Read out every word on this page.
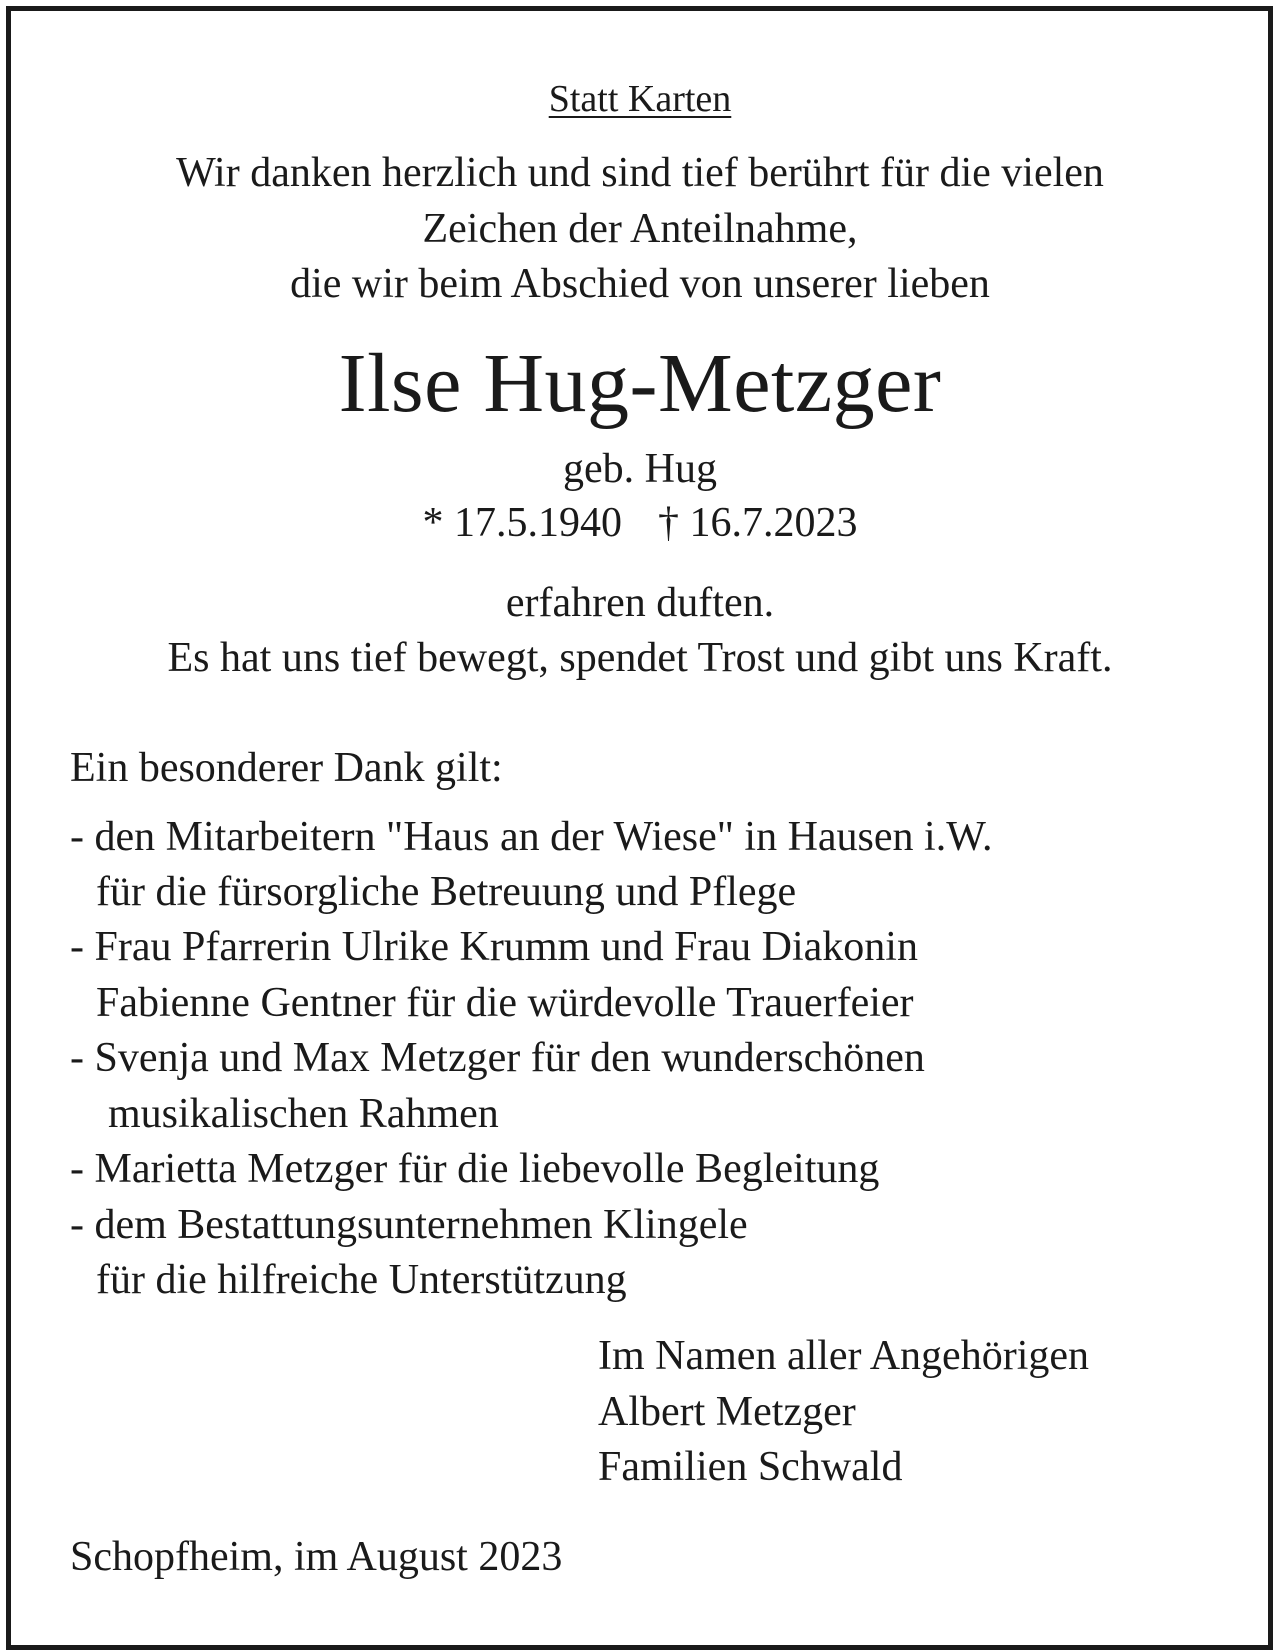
Statt Karten
Wir danken herzlich und sind tief berührt für die vielen
Zeichen der Anteilnahme,
die wir beim Abschied von unserer lieben
Ilse Hug-Metzger
geb. Hug
* 17.5.1940 † 16.7.2023
erfahren duften.
Es hat uns tief bewegt, spendet Trost und gibt uns Kraft.
Ein besonderer Dank gilt:
- den Mitarbeitern "Haus an der Wiese" in Hausen i.W.
für die fürsorgliche Betreuung und Pflege
- Frau Pfarrerin Ulrike Krumm und Frau Diakonin
Fabienne Gentner für die würdevolle Trauerfeier
- Svenja und Max Metzger für den wunderschönen
musikalischen Rahmen
- Marietta Metzger für die liebevolle Begleitung
- dem Bestattungsunternehmen Klingele
für die hilfreiche Unterstützung
Im Namen aller Angehörigen
Albert Metzger
Familien Schwald
Schopfheim, im August 2023
